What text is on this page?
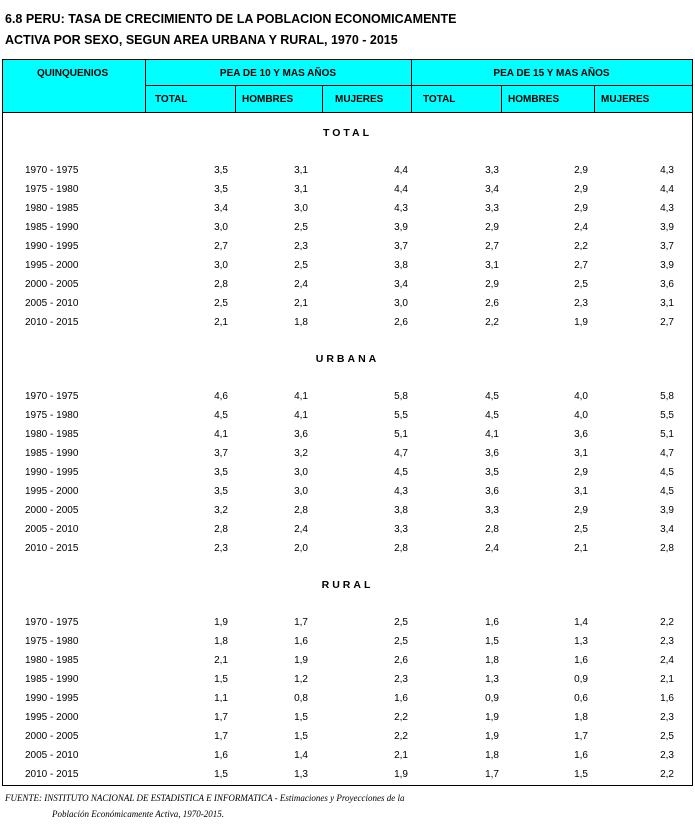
6.8 PERU: TASA DE CRECIMIENTO DE LA POBLACION ECONOMICAMENTE
ACTIVA POR SEXO, SEGUN AREA URBANA Y RURAL, 1970 - 2015
QUINQUENIOS	PEA DE 10 Y MAS AÑOS	PEA DE 15 Y MAS AÑOS
TOTAL	HOMBRES	MUJERES	TOTAL	HOMBRES	MUJERES
TOTAL
1970 - 1975	3,5	3,1	4,4	3,3	2,9	4,3
1975 - 1980	3,5	3,1	4,4	3,4	2,9	4,4
1980 - 1985	3,4	3,0	4,3	3,3	2,9	4,3
1985 - 1990	3,0	2,5	3,9	2,9	2,4	3,9
1990 - 1995	2,7	2,3	3,7	2,7	2,2	3,7
1995 - 2000	3,0	2,5	3,8	3,1	2,7	3,9
2000 - 2005	2,8	2,4	3,4	2,9	2,5	3,6
2005 - 2010	2,5	2,1	3,0	2,6	2,3	3,1
2010 - 2015	2,1	1,8	2,6	2,2	1,9	2,7
URBANA
1970 - 1975	4,6	4,1	5,8	4,5	4,0	5,8
1975 - 1980	4,5	4,1	5,5	4,5	4,0	5,5
1980 - 1985	4,1	3,6	5,1	4,1	3,6	5,1
1985 - 1990	3,7	3,2	4,7	3,6	3,1	4,7
1990 - 1995	3,5	3,0	4,5	3,5	2,9	4,5
1995 - 2000	3,5	3,0	4,3	3,6	3,1	4,5
2000 - 2005	3,2	2,8	3,8	3,3	2,9	3,9
2005 - 2010	2,8	2,4	3,3	2,8	2,5	3,4
2010 - 2015	2,3	2,0	2,8	2,4	2,1	2,8
RURAL
1970 - 1975	1,9	1,7	2,5	1,6	1,4	2,2
1975 - 1980	1,8	1,6	2,5	1,5	1,3	2,3
1980 - 1985	2,1	1,9	2,6	1,8	1,6	2,4
1985 - 1990	1,5	1,2	2,3	1,3	0,9	2,1
1990 - 1995	1,1	0,8	1,6	0,9	0,6	1,6
1995 - 2000	1,7	1,5	2,2	1,9	1,8	2,3
2000 - 2005	1,7	1,5	2,2	1,9	1,7	2,5
2005 - 2010	1,6	1,4	2,1	1,8	1,6	2,3
2010 - 2015	1,5	1,3	1,9	1,7	1,5	2,2
FUENTE: INSTITUTO NACIONAL DE ESTADISTICA E INFORMATICA - Estimaciones y Proyecciones de la
Población Económicamente Activa, 1970-2015.
